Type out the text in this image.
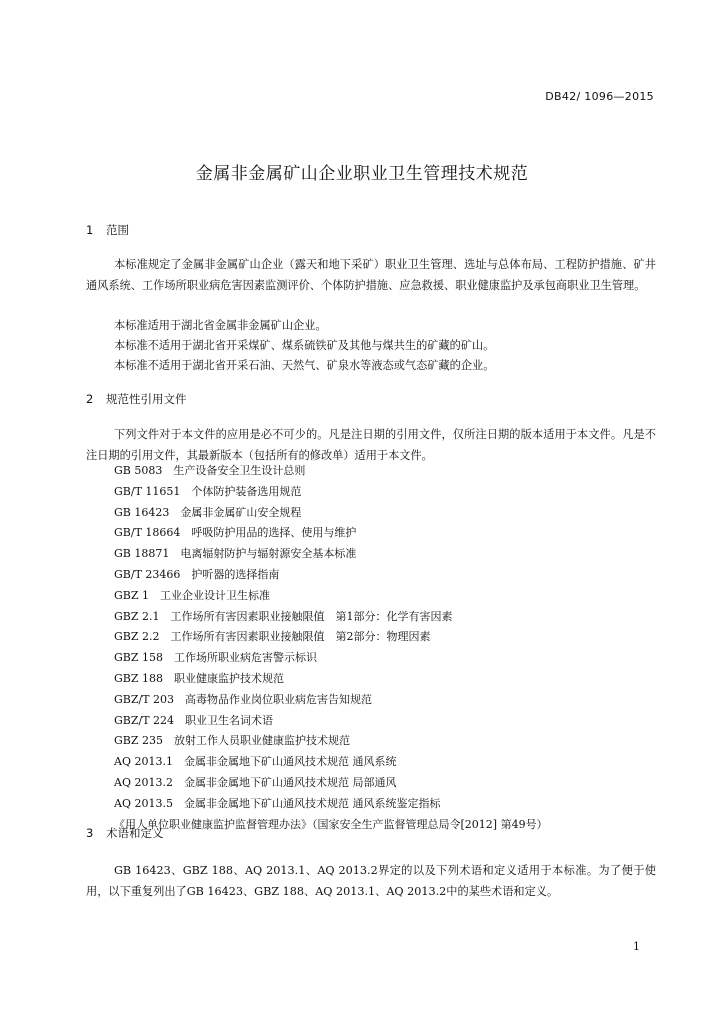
DB42/ 1096—2015
金属非金属矿山企业职业卫生管理技术规范
1 范围
本标准规定了金属非金属矿山企业（露天和地下采矿）职业卫生管理、选址与总体布局、工程防护措施、矿井通风系统、工作场所职业病危害因素监测评价、个体防护措施、应急救援、职业健康监护及承包商职业卫生管理。
本标准适用于湖北省金属非金属矿山企业。
本标准不适用于湖北省开采煤矿、煤系硫铁矿及其他与煤共生的矿藏的矿山。
本标准不适用于湖北省开采石油、天然气、矿泉水等液态或气态矿藏的企业。
2 规范性引用文件
下列文件对于本文件的应用是必不可少的。凡是注日期的引用文件，仅所注日期的版本适用于本文件。凡是不注日期的引用文件，其最新版本（包括所有的修改单）适用于本文件。
GB 5083　生产设备安全卫生设计总则
GB/T 11651　个体防护装备选用规范
GB 16423　金属非金属矿山安全规程
GB/T 18664　呼吸防护用品的选择、使用与维护
GB 18871　电离辐射防护与辐射源安全基本标准
GB/T 23466　护听器的选择指南
GBZ 1　工业企业设计卫生标准
GBZ 2.1　工作场所有害因素职业接触限值　第1部分：化学有害因素
GBZ 2.2　工作场所有害因素职业接触限值　第2部分：物理因素
GBZ 158　工作场所职业病危害警示标识
GBZ 188　职业健康监护技术规范
GBZ/T 203　高毒物品作业岗位职业病危害告知规范
GBZ/T 224　职业卫生名词术语
GBZ 235　放射工作人员职业健康监护技术规范
AQ 2013.1　金属非金属地下矿山通风技术规范 通风系统
AQ 2013.2　金属非金属地下矿山通风技术规范 局部通风
AQ 2013.5　金属非金属地下矿山通风技术规范 通风系统鉴定指标
《用人单位职业健康监护监督管理办法》（国家安全生产监督管理总局令[2012] 第49号）
3 术语和定义
GB 16423、GBZ 188、AQ 2013.1、AQ 2013.2界定的以及下列术语和定义适用于本标准。为了便于使用，以下重复列出了GB 16423、GBZ 188、AQ 2013.1、AQ 2013.2中的某些术语和定义。
1
